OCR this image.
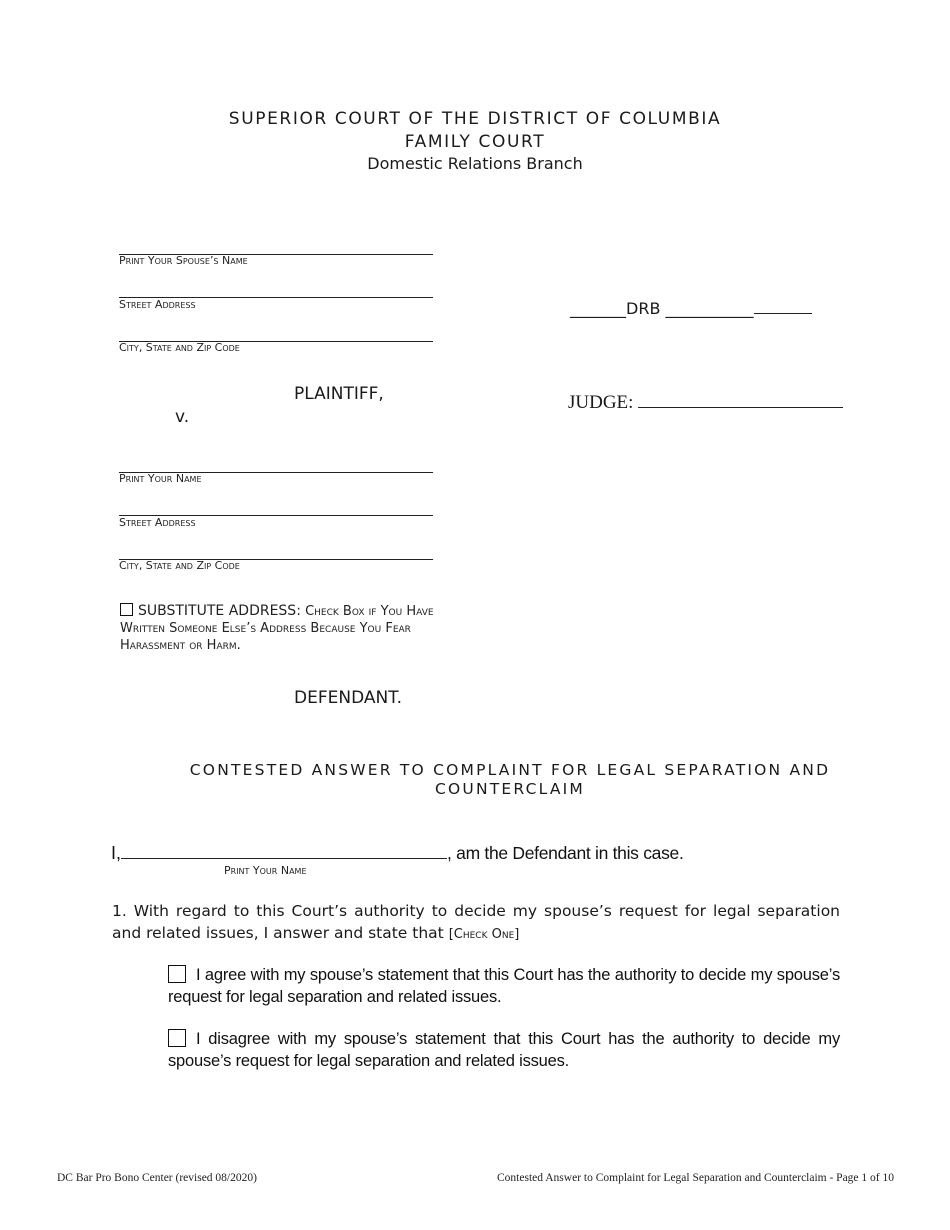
SUPERIOR COURT OF THE DISTRICT OF COLUMBIA
FAMILY COURT
Domestic Relations Branch
Print Your Spouse’s Name
Street Address
City, State and Zip Code
PLAINTIFF,
v.
_______DRB ___________
JUDGE:
Print Your Name
Street Address
City, State and Zip Code
SUBSTITUTE ADDRESS: Check Box if You Have Written Someone Else’s Address Because You Fear Harassment or Harm.
DEFENDANT.
CONTESTED ANSWER TO COMPLAINT FOR LEGAL SEPARATION AND COUNTERCLAIM
I,	, am the Defendant in this case.
Print Your Name
1. With regard to this Court’s authority to decide my spouse’s request for legal separation and related issues, I answer and state that [Check One]
I agree with my spouse’s statement that this Court has the authority to decide my spouse’s request for legal separation and related issues.
I disagree with my spouse’s statement that this Court has the authority to decide my spouse’s request for legal separation and related issues.
DC Bar Pro Bono Center (revised 08/2020)	Contested Answer to Complaint for Legal Separation and Counterclaim - Page 1 of 10
